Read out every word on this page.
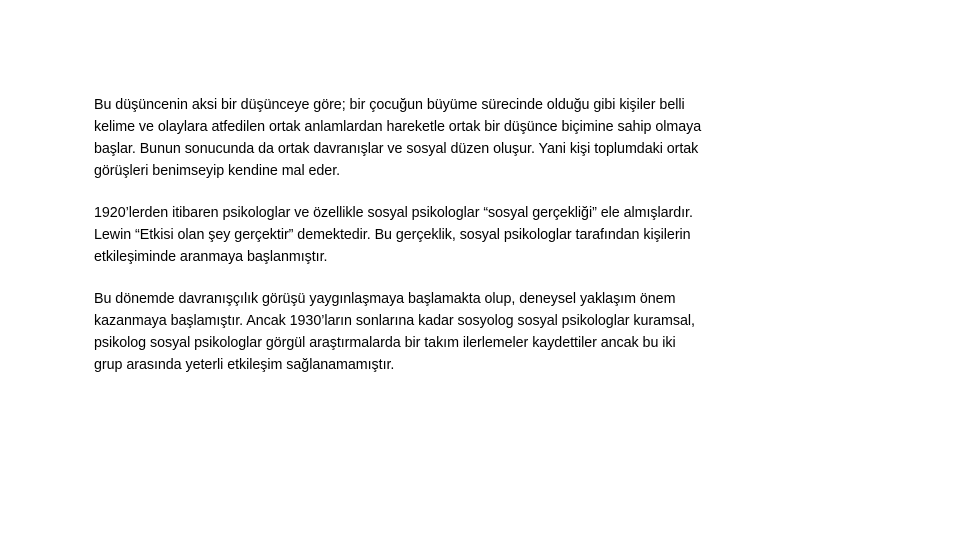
Bu düşüncenin aksi bir düşünceye göre; bir çocuğun büyüme sürecinde olduğu gibi kişiler belli
kelime ve olaylara atfedilen ortak anlamlardan hareketle ortak bir düşünce biçimine sahip olmaya
başlar. Bunun sonucunda da ortak davranışlar ve sosyal düzen oluşur. Yani kişi toplumdaki ortak
görüşleri benimseyip kendine mal eder.

1920’lerden itibaren psikologlar ve özellikle sosyal psikologlar “sosyal gerçekliği” ele almışlardır.
Lewin “Etkisi olan şey gerçektir” demektedir. Bu gerçeklik, sosyal psikologlar tarafından kişilerin
etkileşiminde aranmaya başlanmıştır.

Bu dönemde davranışçılık görüşü yaygınlaşmaya başlamakta olup, deneysel yaklaşım önem
kazanmaya başlamıştır. Ancak 1930’ların sonlarına kadar sosyolog sosyal psikologlar kuramsal,
psikolog sosyal psikologlar görgül araştırmalarda bir takım ilerlemeler kaydettiler ancak bu iki
grup arasında yeterli etkileşim sağlanamamıştır.
